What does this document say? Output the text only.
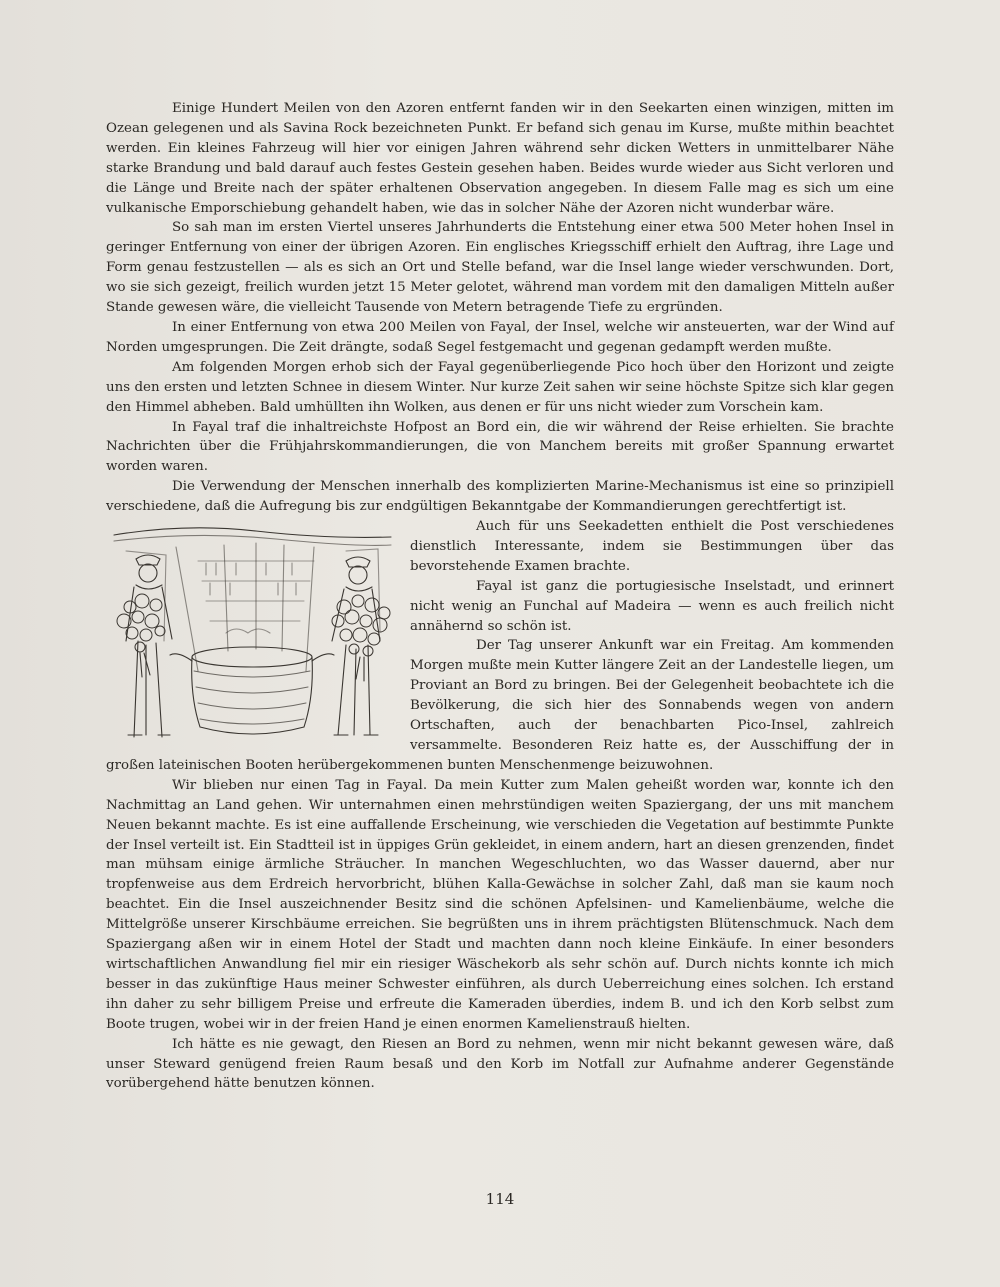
Einige Hundert Meilen von den Azoren entfernt fanden wir in den Seekarten einen winzigen, mitten im Ozean gelegenen und als Savina Rock bezeichneten Punkt. Er befand sich genau im Kurse, mußte mithin beachtet werden. Ein kleines Fahrzeug will hier vor einigen Jahren während sehr dicken Wetters in unmittelbarer Nähe starke Brandung und bald darauf auch festes Gestein gesehen haben. Beides wurde wieder aus Sicht verloren und die Länge und Breite nach der später erhaltenen Observation angegeben. In diesem Falle mag es sich um eine vulkanische Emporschiebung gehandelt haben, wie das in solcher Nähe der Azoren nicht wunderbar wäre.

So sah man im ersten Viertel unseres Jahrhunderts die Entstehung einer etwa 500 Meter hohen Insel in geringer Entfernung von einer der übrigen Azoren. Ein englisches Kriegsschiff erhielt den Auftrag, ihre Lage und Form genau festzustellen — als es sich an Ort und Stelle befand, war die Insel lange wieder verschwunden. Dort, wo sie sich gezeigt, freilich wurden jetzt 15 Meter gelotet, während man vordem mit den damaligen Mitteln außer Stande gewesen wäre, die vielleicht Tausende von Metern betragende Tiefe zu ergründen.

In einer Entfernung von etwa 200 Meilen von Fayal, der Insel, welche wir ansteuerten, war der Wind auf Norden umgesprungen. Die Zeit drängte, sodaß Segel festgemacht und gegenan gedampft werden mußte.

Am folgenden Morgen erhob sich der Fayal gegenüberliegende Pico hoch über den Horizont und zeigte uns den ersten und letzten Schnee in diesem Winter. Nur kurze Zeit sahen wir seine höchste Spitze sich klar gegen den Himmel abheben. Bald umhüllten ihn Wolken, aus denen er für uns nicht wieder zum Vorschein kam.

In Fayal traf die inhaltreichste Hofpost an Bord ein, die wir während der Reise erhielten. Sie brachte Nachrichten über die Frühjahrskommandierungen, die von Manchem bereits mit großer Spannung erwartet worden waren.

Die Verwendung der Menschen innerhalb des komplizierten Marine-Mechanismus ist eine so prinzipiell verschiedene, daß die Aufregung bis zur endgültigen Bekanntgabe der Kommandierungen gerechtfertigt ist.

Auch für uns Seekadetten enthielt die Post verschiedenes dienstlich Interessante, indem sie Bestimmungen über das bevorstehende Examen brachte.

Fayal ist ganz die portugiesische Inselstadt, und erinnert nicht wenig an Funchal auf Madeira — wenn es auch freilich nicht annähernd so schön ist.

Der Tag unserer Ankunft war ein Freitag. Am kommenden Morgen mußte mein Kutter längere Zeit an der Landestelle liegen, um Proviant an Bord zu bringen. Bei der Gelegenheit beobachtete ich die Bevölkerung, die sich hier des Sonnabends wegen von andern Ortschaften, auch der benachbarten Pico-Insel, zahlreich versammelte. Besonderen Reiz hatte es, der Ausschiffung der in großen lateinischen Booten herübergekommenen bunten Menschenmenge beizuwohnen.

Wir blieben nur einen Tag in Fayal. Da mein Kutter zum Malen geheißt worden war, konnte ich den Nachmittag an Land gehen. Wir unternahmen einen mehrstündigen weiten Spaziergang, der uns mit manchem Neuen bekannt machte. Es ist eine auffallende Erscheinung, wie verschieden die Vegetation auf bestimmte Punkte der Insel verteilt ist. Ein Stadtteil ist in üppiges Grün gekleidet, in einem andern, hart an diesen grenzenden, findet man mühsam einige ärmliche Sträucher. In manchen Wegeschluchten, wo das Wasser dauernd, aber nur tropfenweise aus dem Erdreich hervorbricht, blühen Kalla-Gewächse in solcher Zahl, daß man sie kaum noch beachtet. Ein die Insel auszeichnender Besitz sind die schönen Apfelsinen- und Kamelienbäume, welche die Mittelgröße unserer Kirschbäume erreichen. Sie begrüßten uns in ihrem prächtigsten Blütenschmuck. Nach dem Spaziergang aßen wir in einem Hotel der Stadt und machten dann noch kleine Einkäufe. In einer besonders wirtschaftlichen Anwandlung fiel mir ein riesiger Wäschekorb als sehr schön auf. Durch nichts konnte ich mich besser in das zukünftige Haus meiner Schwester einführen, als durch Ueberreichung eines solchen. Ich erstand ihn daher zu sehr billigem Preise und erfreute die Kameraden überdies, indem B. und ich den Korb selbst zum Boote trugen, wobei wir in der freien Hand je einen enormen Kamelienstrauß hielten.

Ich hätte es nie gewagt, den Riesen an Bord zu nehmen, wenn mir nicht bekannt gewesen wäre, daß unser Steward genügend freien Raum besaß und den Korb im Notfall zur Aufnahme anderer Gegenstände vorübergehend hätte benutzen können.

114
